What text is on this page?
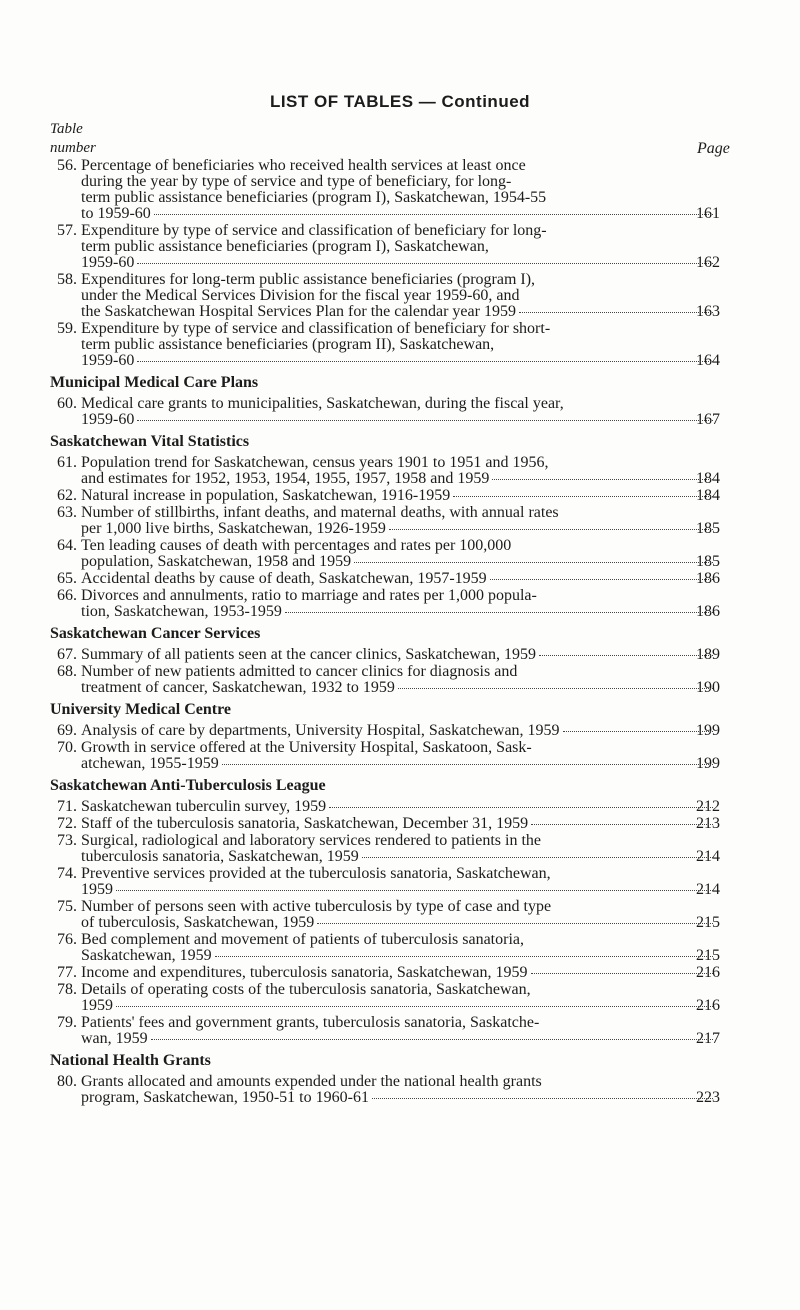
LIST OF TABLES — Continued
Table
number	Page
56. Percentage of beneficiaries who received health services at least once
during the year by type of service and type of beneficiary, for long-
term public assistance beneficiaries (program I), Saskatchewan, 1954-55
to 1959-60	161
57. Expenditure by type of service and classification of beneficiary for long-
term public assistance beneficiaries (program I), Saskatchewan,
1959-60	162
58. Expenditures for long-term public assistance beneficiaries (program I),
under the Medical Services Division for the fiscal year 1959-60, and
the Saskatchewan Hospital Services Plan for the calendar year 1959	163
59. Expenditure by type of service and classification of beneficiary for short-
term public assistance beneficiaries (program II), Saskatchewan,
1959-60	164
Municipal Medical Care Plans
60. Medical care grants to municipalities, Saskatchewan, during the fiscal year,
1959-60	167
Saskatchewan Vital Statistics
61. Population trend for Saskatchewan, census years 1901 to 1951 and 1956,
and estimates for 1952, 1953, 1954, 1955, 1957, 1958 and 1959	184
62. Natural increase in population, Saskatchewan, 1916-1959	184
63. Number of stillbirths, infant deaths, and maternal deaths, with annual rates
per 1,000 live births, Saskatchewan, 1926-1959	185
64. Ten leading causes of death with percentages and rates per 100,000
population, Saskatchewan, 1958 and 1959	185
65. Accidental deaths by cause of death, Saskatchewan, 1957-1959	186
66. Divorces and annulments, ratio to marriage and rates per 1,000 popula-
tion, Saskatchewan, 1953-1959	186
Saskatchewan Cancer Services
67. Summary of all patients seen at the cancer clinics, Saskatchewan, 1959	189
68. Number of new patients admitted to cancer clinics for diagnosis and
treatment of cancer, Saskatchewan, 1932 to 1959	190
University Medical Centre
69. Analysis of care by departments, University Hospital, Saskatchewan, 1959	199
70. Growth in service offered at the University Hospital, Saskatoon, Sask-
atchewan, 1955-1959	199
Saskatchewan Anti-Tuberculosis League
71. Saskatchewan tuberculin survey, 1959	212
72. Staff of the tuberculosis sanatoria, Saskatchewan, December 31, 1959	213
73. Surgical, radiological and laboratory services rendered to patients in the
tuberculosis sanatoria, Saskatchewan, 1959	214
74. Preventive services provided at the tuberculosis sanatoria, Saskatchewan,
1959	214
75. Number of persons seen with active tuberculosis by type of case and type
of tuberculosis, Saskatchewan, 1959	215
76. Bed complement and movement of patients of tuberculosis sanatoria,
Saskatchewan, 1959	215
77. Income and expenditures, tuberculosis sanatoria, Saskatchewan, 1959	216
78. Details of operating costs of the tuberculosis sanatoria, Saskatchewan,
1959	216
79. Patients' fees and government grants, tuberculosis sanatoria, Saskatche-
wan, 1959	217
National Health Grants
80. Grants allocated and amounts expended under the national health grants
program, Saskatchewan, 1950-51 to 1960-61	223
